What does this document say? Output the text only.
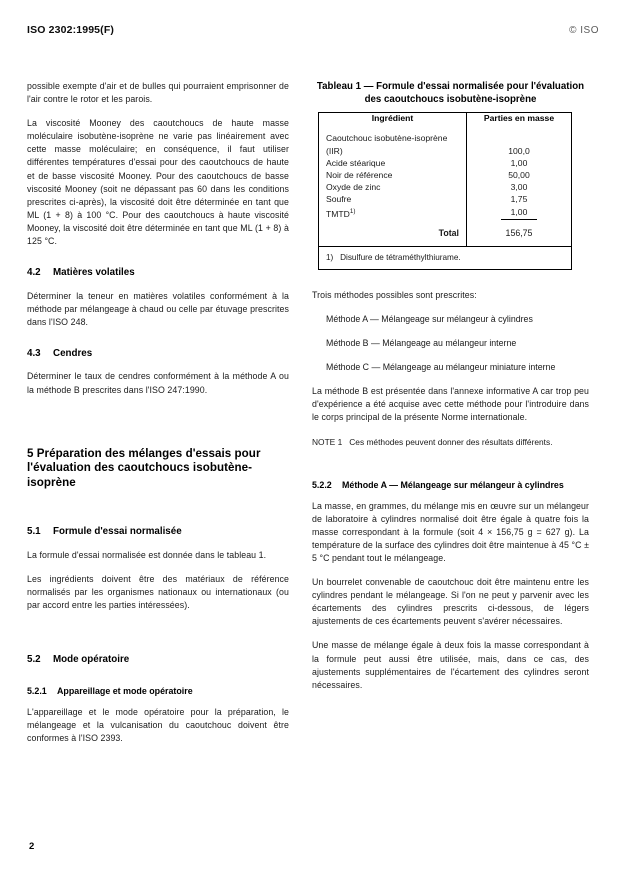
ISO 2302:1995(F)	© ISO

possible exempte d'air et de bulles qui pourraient emprisonner de l'air contre le rotor et les parois.

La viscosité Mooney des caoutchoucs de haute masse moléculaire isobutène-isoprène ne varie pas linéairement avec cette masse moléculaire; en conséquence, il faut utiliser différentes températures d'essai pour des caoutchoucs de haute et de basse viscosité Mooney. Pour des caoutchoucs de basse viscosité Mooney (soit ne dépassant pas 60 dans les conditions prescrites ci-après), la viscosité doit être déterminée en tant que ML (1 + 8) à 100 °C. Pour des caoutchoucs à haute viscosité Mooney, la viscosité doit être déterminée en tant que ML (1 + 8) à 125 °C.

4.2 Matières volatiles

Déterminer la teneur en matières volatiles conformément à la méthode par mélangeage à chaud ou celle par étuvage prescrites dans l'ISO 248.

4.3 Cendres

Déterminer le taux de cendres conformément à la méthode A ou la méthode B prescrites dans l'ISO 247:1990.

5 Préparation des mélanges d'essais pour l'évaluation des caoutchoucs isobutène-isoprène
5.1 Formule d'essai normalisée

La formule d'essai normalisée est donnée dans le tableau 1.

Les ingrédients doivent être des matériaux de référence normalisés par les organismes nationaux ou internationaux (ou par accord entre les parties intéressées).

5.2 Mode opératoire
5.2.1 Appareillage et mode opératoire

L'appareillage et le mode opératoire pour la préparation, le mélangeage et la vulcanisation du caoutchouc doivent être conformes à l'ISO 2393.

Tableau 1 — Formule d'essai normalisée pour l'évaluation des caoutchoucs isobutène-isoprène
Ingrédient	Parties en masse
Caoutchouc isobutène-isoprène (IIR)	100,0
Acide stéarique	1,00
Noir de référence	50,00
Oxyde de zinc	3,00
Soufre	1,75
TMTD$^{1)}$	1,00
Total	156,75
1) Disulfure de tétraméthylthiurame.	

Trois méthodes possibles sont prescrites:

Méthode A — Mélangeage sur mélangeur à cylindres
Méthode B — Mélangeage au mélangeur interne
Méthode C — Mélangeage au mélangeur miniature interne

La méthode B est présentée dans l'annexe informative A car trop peu d'expérience a été acquise avec cette méthode pour l'introduire dans le corps principal de la présente Norme internationale.

NOTE 1 Ces méthodes peuvent donner des résultats différents.

5.2.2 Méthode A — Mélangeage sur mélangeur à cylindres

La masse, en grammes, du mélange mis en œuvre sur un mélangeur de laboratoire à cylindres normalisé doit être égale à quatre fois la masse correspondant à la formule (soit 4 × 156,75 g = 627 g). La température de la surface des cylindres doit être maintenue à 45 °C ± 5 °C pendant tout le mélangeage.

Un bourrelet convenable de caoutchouc doit être maintenu entre les cylindres pendant le mélangeage. Si l'on ne peut y parvenir avec les écartements des cylindres prescrits ci-dessous, de légers ajustements de ces écartements peuvent s'avérer nécessaires.

Une masse de mélange égale à deux fois la masse correspondant à la formule peut aussi être utilisée, mais, dans ce cas, des ajustements supplémentaires de l'écartement des cylindres seront nécessaires.

2
